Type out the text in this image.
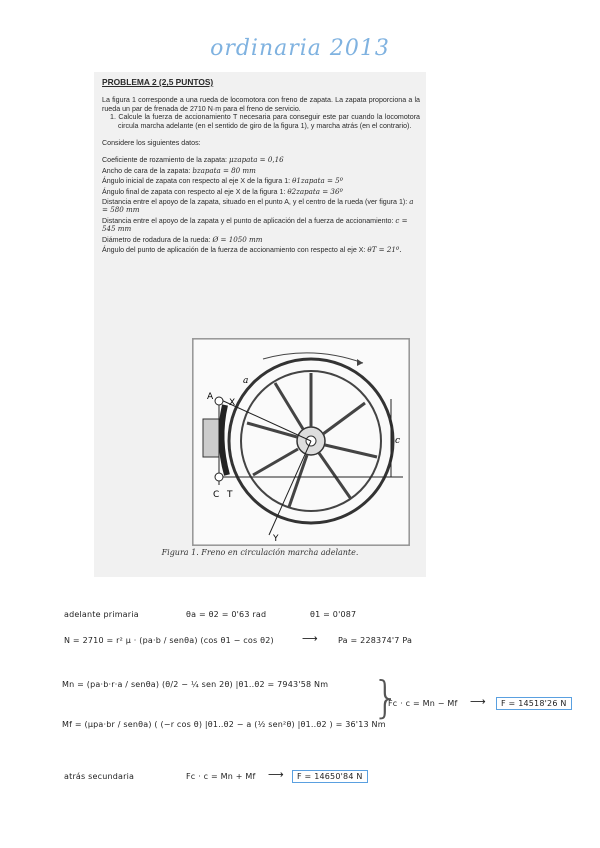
ordinaria 2013
PROBLEMA 2 (2,5 PUNTOS)
La figura 1 corresponde a una rueda de locomotora con freno de zapata. La zapata proporciona a la rueda un par de frenada de 2710 N·m para el freno de servicio.
1. Calcule la fuerza de accionamiento T necesaria para conseguir este par cuando la locomotora circula marcha adelante (en el sentido de giro de la figura 1), y marcha atrás (en el contrario).
Considere los siguientes datos:
Coeficiente de rozamiento de la zapata: μzapata = 0,16
Ancho de cara de la zapata: bzapata = 80 mm
Ángulo inicial de zapata con respecto al eje X de la figura 1: θ1zapata = 5º
Ángulo final de zapata con respecto al eje X de la figura 1: θ2zapata = 36º
Distancia entre el apoyo de la zapata, situado en el punto A, y el centro de la rueda (ver figura 1): a = 580 mm
Distancia entre el apoyo de la zapata y el punto de aplicación del a fuerza de accionamiento: c = 545 mm
Diámetro de rodadura de la rueda: Ø = 1050 mm
Ángulo del punto de aplicación de la fuerza de accionamiento con respecto al eje X: θT = 21º.
a
A
X
C T
c
Y
Figura 1. Freno en circulación marcha adelante.
adelante primaria	θa = θ2 = 0'63 rad	θ1 = 0'087
N = 2710 = r² μ · (pa·b / senθa) (cos θ1 − cos θ2)	⟶	Pa = 228374'7 Pa
Mn = (pa·b·r·a / senθa) (θ/2 − ¼ sen 2θ) |θ1..θ2 = 7943'58 Nm
Mf = (μpa·br / senθa) ( (−r cos θ) |θ1..θ2 − a (½ sen²θ) |θ1..θ2 ) = 36'13 Nm
}
Fc · c = Mn − Mf ⟶	F = 14518'26 N
atrás secundaria	Fc · c = Mn + Mf ⟶	F = 14650'84 N
